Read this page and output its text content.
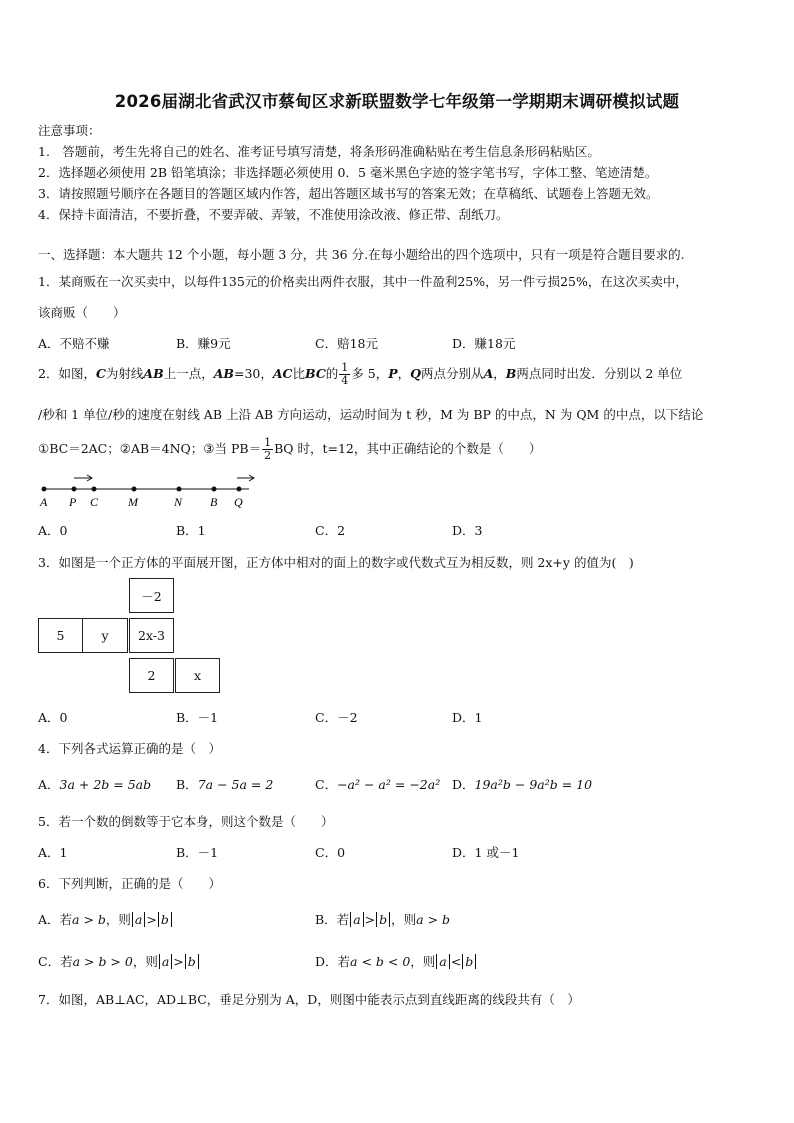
2026届湖北省武汉市蔡甸区求新联盟数学七年级第一学期期末调研模拟试题
注意事项：
1.　答题前，考生先将自己的姓名、准考证号填写清楚，将条形码准确粘贴在考生信息条形码粘贴区。
2．选择题必须使用 2B 铅笔填涂；非选择题必须使用 0．5 毫米黑色字迹的签字笔书写，字体工整、笔迹清楚。
3．请按照题号顺序在各题目的答题区域内作答，超出答题区域书写的答案无效；在草稿纸、试题卷上答题无效。
4．保持卡面清洁，不要折叠，不要弄破、弄皱，不准使用涂改液、修正带、刮纸刀。
一、选择题：本大题共 12 个小题，每小题 3 分，共 36 分.在每小题给出的四个选项中，只有一项是符合题目要求的.
1．某商贩在一次买卖中，以每件135元的价格卖出两件衣服，其中一件盈利25%，另一件亏损25%，在这次买卖中，
该商贩（　　）
A．不赔不赚	B．赚9元	C．赔18元	D．赚18元
2．如图，C为射线AB上一点，AB=30，AC比BC的 $\frac{1}{4}$ 多 5，P，Q两点分别从A，B两点同时出发．分别以 2 单位
/秒和 1 单位/秒的速度在射线 AB 上沿 AB 方向运动，运动时间为 t 秒，M 为 BP 的中点，N 为 QM 的中点，以下结论
①BC＝2AC；②AB＝4NQ；③当 $PB= \frac{1}{2}$ BQ 时，t=12，其中正确结论的个数是（　　）
A P C M	N B Q
A．0	B．1	C．2	D．3
3．如图是一个正方体的平面展开图，正方体中相对的面上的数字或代数式互为相反数，则 2x+y 的值为(　)
－2
5	y	2x-3
2	x
A．0	B．－1	C．－2	D．1
4．下列各式运算正确的是（　）
A．3a + 2b = 5ab B．7a − 5a = 2	C．−a² − a² = −2a² D．19a²b − 9a²b = 10
5．若一个数的倒数等于它本身，则这个数是（　　）
A．1	B．－1	C．0	D．1 或－1
6．下列判断，正确的是（　　）
A．若a > b，则 a > b	B．若 a > b ，则a > b
C．若a > b > 0，则 a > b	D．若a < b < 0，则 a < b
7．如图，AB⊥AC，AD⊥BC，垂足分别为 A，D，则图中能表示点到直线距离的线段共有（　）
